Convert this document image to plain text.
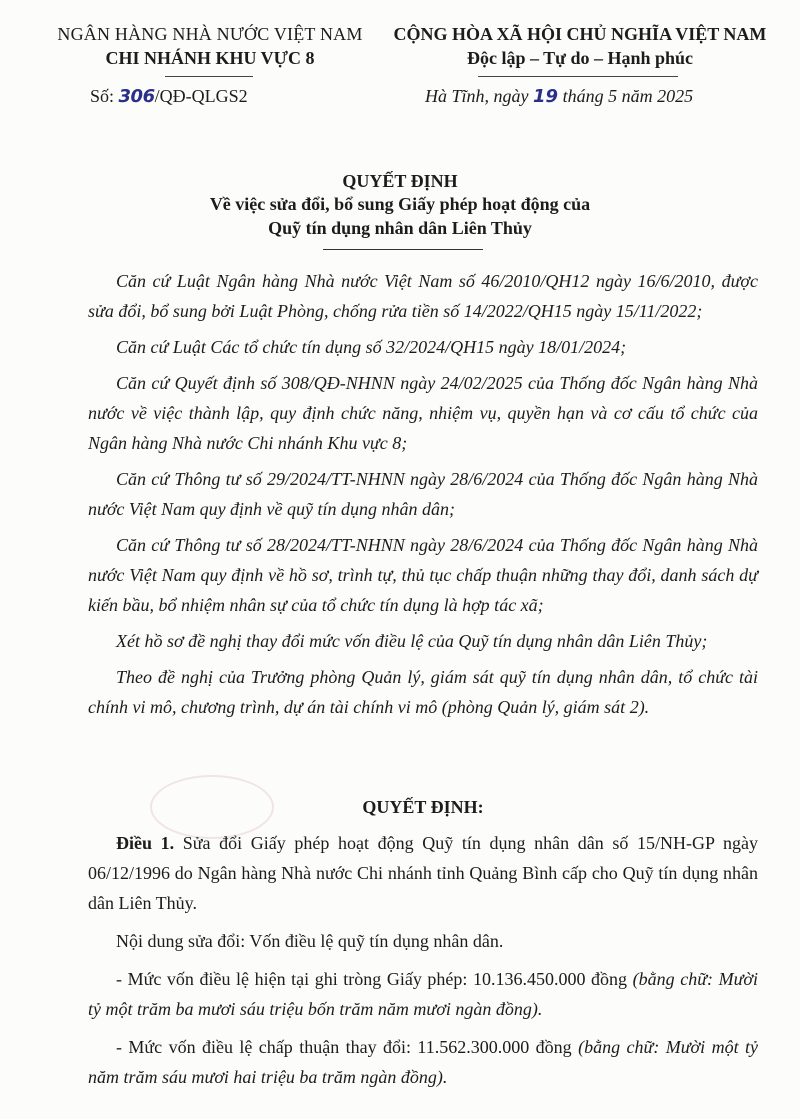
NGÂN HÀNG NHÀ NƯỚC VIỆT NAM
CHI NHÁNH KHU VỰC 8
Số: 306/QĐ-QLGS2
CỘNG HÒA XÃ HỘI CHỦ NGHĨA VIỆT NAM
Độc lập – Tự do – Hạnh phúc
Hà Tĩnh, ngày 19 tháng 5 năm 2025
QUYẾT ĐỊNH
Về việc sửa đổi, bổ sung Giấy phép hoạt động của
Quỹ tín dụng nhân dân Liên Thủy

Căn cứ Luật Ngân hàng Nhà nước Việt Nam số 46/2010/QH12 ngày 16/6/2010, được sửa đổi, bổ sung bởi Luật Phòng, chống rửa tiền số 14/2022/QH15 ngày 15/11/2022;

Căn cứ Luật Các tổ chức tín dụng số 32/2024/QH15 ngày 18/01/2024;

Căn cứ Quyết định số 308/QĐ-NHNN ngày 24/02/2025 của Thống đốc Ngân hàng Nhà nước về việc thành lập, quy định chức năng, nhiệm vụ, quyền hạn và cơ cấu tổ chức của Ngân hàng Nhà nước Chi nhánh Khu vực 8;

Căn cứ Thông tư số 29/2024/TT-NHNN ngày 28/6/2024 của Thống đốc Ngân hàng Nhà nước Việt Nam quy định về quỹ tín dụng nhân dân;

Căn cứ Thông tư số 28/2024/TT-NHNN ngày 28/6/2024 của Thống đốc Ngân hàng Nhà nước Việt Nam quy định về hồ sơ, trình tự, thủ tục chấp thuận những thay đổi, danh sách dự kiến bầu, bổ nhiệm nhân sự của tổ chức tín dụng là hợp tác xã;

Xét hồ sơ đề nghị thay đổi mức vốn điều lệ của Quỹ tín dụng nhân dân Liên Thủy;

Theo đề nghị của Trưởng phòng Quản lý, giám sát quỹ tín dụng nhân dân, tổ chức tài chính vi mô, chương trình, dự án tài chính vi mô (phòng Quản lý, giám sát 2).

QUYẾT ĐỊNH:

Điều 1. Sửa đổi Giấy phép hoạt động Quỹ tín dụng nhân dân số 15/NH-GP ngày 06/12/1996 do Ngân hàng Nhà nước Chi nhánh tỉnh Quảng Bình cấp cho Quỹ tín dụng nhân dân Liên Thủy.

Nội dung sửa đổi: Vốn điều lệ quỹ tín dụng nhân dân.

- Mức vốn điều lệ hiện tại ghi tròng Giấy phép: 10.136.450.000 đồng (bằng chữ: Mười tỷ một trăm ba mươi sáu triệu bốn trăm năm mươi ngàn đồng).

- Mức vốn điều lệ chấp thuận thay đổi: 11.562.300.000 đồng (bằng chữ: Mười một tỷ năm trăm sáu mươi hai triệu ba trăm ngàn đồng).
